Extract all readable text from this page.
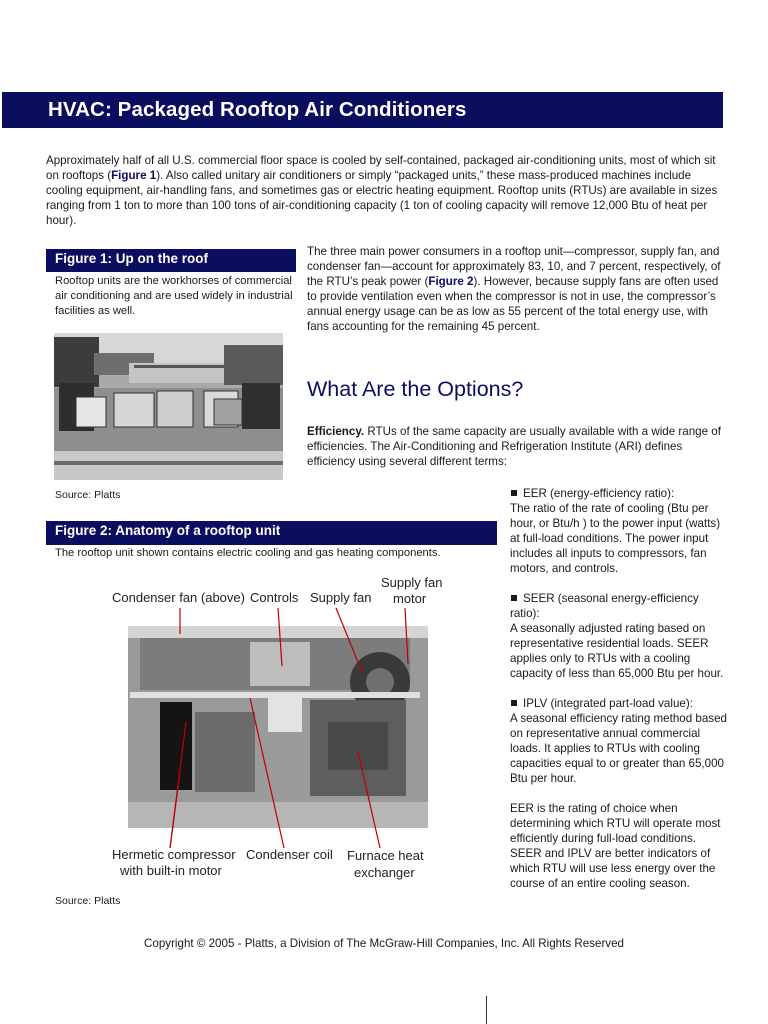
HVAC: Packaged Rooftop Air Conditioners
Approximately half of all U.S. commercial floor space is cooled by self-contained, packaged air-conditioning units, most of which sit on rooftops (Figure 1). Also called unitary air conditioners or simply “packaged units,” these mass-produced machines include cooling equipment, air-handling fans, and sometimes gas or electric heating equipment. Rooftop units (RTUs) are available in sizes ranging from 1 ton to more than 100 tons of air-conditioning capacity (1 ton of cooling capacity will remove 12,000 Btu of heat per hour).
Figure 1: Up on the roof
Rooftop units are the workhorses of commercial air conditioning and are used widely in industrial facilities as well.
Source: Platts
Figure 2: Anatomy of a rooftop unit
The rooftop unit shown contains electric cooling and gas heating components.
Condenser fan (above) Controls Supply fan
Supply fan
motor
Hermetic compressor
with built-in motor
Condenser coil Furnace heat
exchanger
Source: Platts
The three main power consumers in a rooftop unit—compressor, supply fan, and condenser fan—account for approximately 83, 10, and 7 percent, respectively, of the RTU’s peak power (Figure 2). However, because supply fans are often used to provide ventilation even when the compressor is not in use, the compressor’s annual energy usage can be as low as 55 percent of the total energy use, with fans accounting for the remaining 45 percent.
What Are the Options?
Efficiency. RTUs of the same capacity are usually available with a wide range of efficiencies. The Air-Conditioning and Refrigeration Institute (ARI) defines efficiency using several different terms:
EER (energy-efficiency ratio):
The ratio of the rate of cooling (Btu per hour, or Btu/h ) to the power input (watts) at full-load conditions. The power input includes all inputs to compressors, fan motors, and controls.
SEER (seasonal energy-efficiency ratio):
A seasonally adjusted rating based on representative residential loads. SEER applies only to RTUs with a cooling capacity of less than 65,000 Btu per hour.
IPLV (integrated part-load value):
A seasonal efficiency rating method based on representative annual commercial loads. It applies to RTUs with cooling capacities equal to or greater than 65,000 Btu per hour.
EER is the rating of choice when determining which RTU will operate most efficiently during full-load conditions. SEER and IPLV are better indicators of which RTU will use less energy over the course of an entire cooling season.
Copyright © 2005 - Platts, a Division of The McGraw-Hill Companies, Inc. All Rights Reserved
